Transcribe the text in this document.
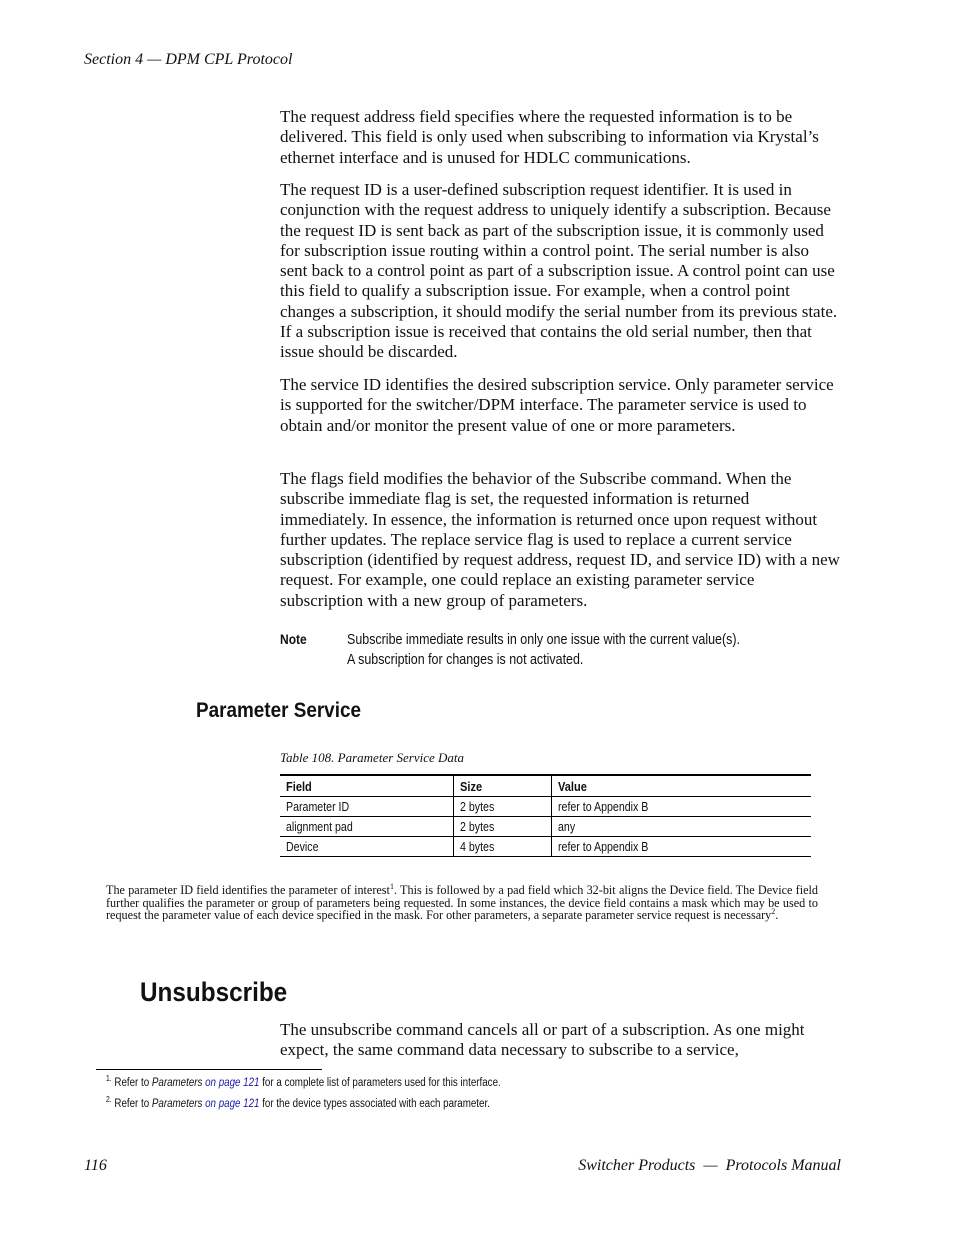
Section 4 — DPM CPL Protocol

The request address field specifies where the requested information is to be delivered. This field is only used when subscribing to information via Krystal’s ethernet interface and is unused for HDLC communications.

The request ID is a user-defined subscription request identifier. It is used in conjunction with the request address to uniquely identify a subscription. Because the request ID is sent back as part of the subscription issue, it is commonly used for subscription issue routing within a control point. The serial number is also sent back to a control point as part of a subscription issue. A control point can use this field to qualify a subscription issue. For example, when a control point changes a subscription, it should modify the serial number from its previous state. If a subscription issue is received that contains the old serial number, then that issue should be discarded.

The service ID identifies the desired subscription service. Only parameter service is supported for the switcher/DPM interface. The parameter service is used to obtain and/or monitor the present value of one or more parameters.

The flags field modifies the behavior of the Subscribe command. When the subscribe immediate flag is set, the requested information is returned immediately. In essence, the information is returned once upon request without further updates. The replace service flag is used to replace a current service subscription (identified by request address, request ID, and service ID) with a new request. For example, one could replace an existing parameter service subscription with a new group of parameters.

Note	Subscribe immediate results in only one issue with the current value(s).
A subscription for changes is not activated.
Parameter Service
Table 108. Parameter Service Data
Field	Size	Value
Parameter ID	2 bytes	refer to Appendix B
alignment pad	2 bytes	any
Device	4 bytes	refer to Appendix B
The parameter ID field identifies the parameter of interest$^1$. This is followed by a pad field which 32-bit aligns the Device field. The Device field further qualifies the parameter or group of parameters being requested. In some instances, the device field contains a mask which may be used to request the parameter value of each device specified in the mask. For other parameters, a separate parameter service request is necessary$^2$.
Unsubscribe
The unsubscribe command cancels all or part of a subscription. As one might expect, the same command data necessary to subscribe to a service,
$^{1.}$ Refer to Parameters on page 121 for a complete list of parameters used for this interface.
$^{2.}$ Refer to Parameters on page 121 for the device types associated with each parameter.
116	Switcher Products  —  Protocols Manual
